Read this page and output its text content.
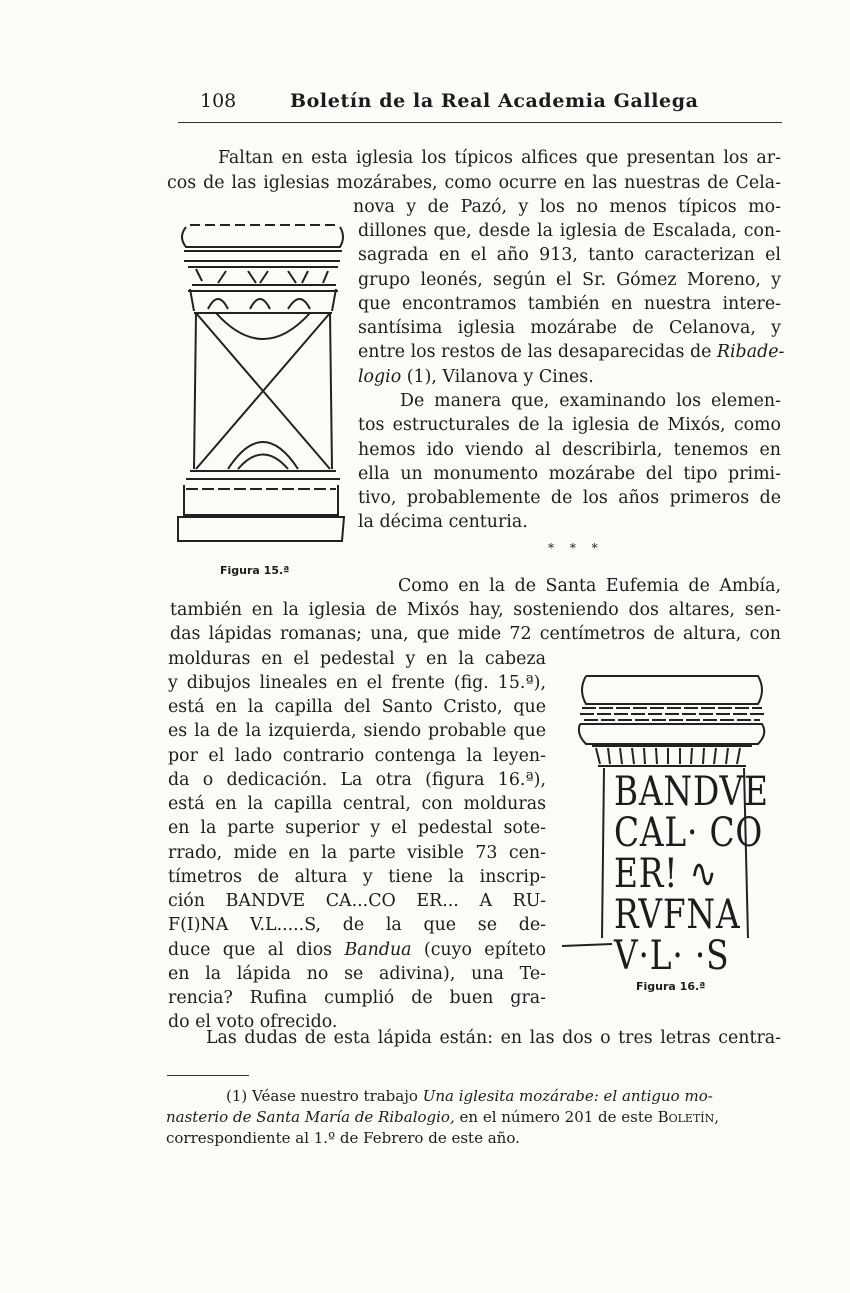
108	Boletín de la Real Academia Gallega
Faltan en esta iglesia los típicos alfices que presentan los ar-
cos de las iglesias mozárabes, como ocurre en las nuestras de Cela-
nova y de Pazó, y los no menos típicos mo-
dillones que, desde la iglesia de Escalada, con-
sagrada en el año 913, tanto caracterizan el
grupo leonés, según el Sr. Gómez Moreno, y
que encontramos también en nuestra intere-
santísima iglesia mozárabe de Celanova, y
entre los restos de las desaparecidas de Ribade-
logio (1), Vilanova y Cines.
De manera que, examinando los elemen-
tos estructurales de la iglesia de Mixós, como
hemos ido viendo al describirla, tenemos en
ella un monumento mozárabe del tipo primi-
tivo, probablemente de los años primeros de
la décima centuria.
* * *
Figura 15.ª
Como en la de Santa Eufemia de Ambía,
también en la iglesia de Mixós hay, sosteniendo dos altares, sen-
das lápidas romanas; una, que mide 72 centímetros de altura, con
molduras en el pedestal y en la cabeza
y dibujos lineales en el frente (fig. 15.ª),
está en la capilla del Santo Cristo, que
es la de la izquierda, siendo probable que
por el lado contrario contenga la leyen-
da o dedicación. La otra (figura 16.ª),
está en la capilla central, con molduras
en la parte superior y el pedestal sote-
rrado, mide en la parte visible 73 cen-
tímetros de altura y tiene la inscrip-
ción BANDVE CA...CO ER... A RU-
F(I)NA V.L.....S, de la que se de-
duce que al dios Bandua (cuyo epíteto
en la lápida no se adivina), una Te-
rencia? Rufina cumplió de buen gra-
do el voto ofrecido.
BANDVE
CAL· CO
ER! ∿
RVFNA
V·L· ·S
Figura 16.ª
Las dudas de esta lápida están: en las dos o tres letras centra-
(1) Véase nuestro trabajo Una iglesita mozárabe: el antiguo mo-
nasterio de Santa María de Ribalogio, en el número 201 de este Boletín,
correspondiente al 1.º de Febrero de este año.
